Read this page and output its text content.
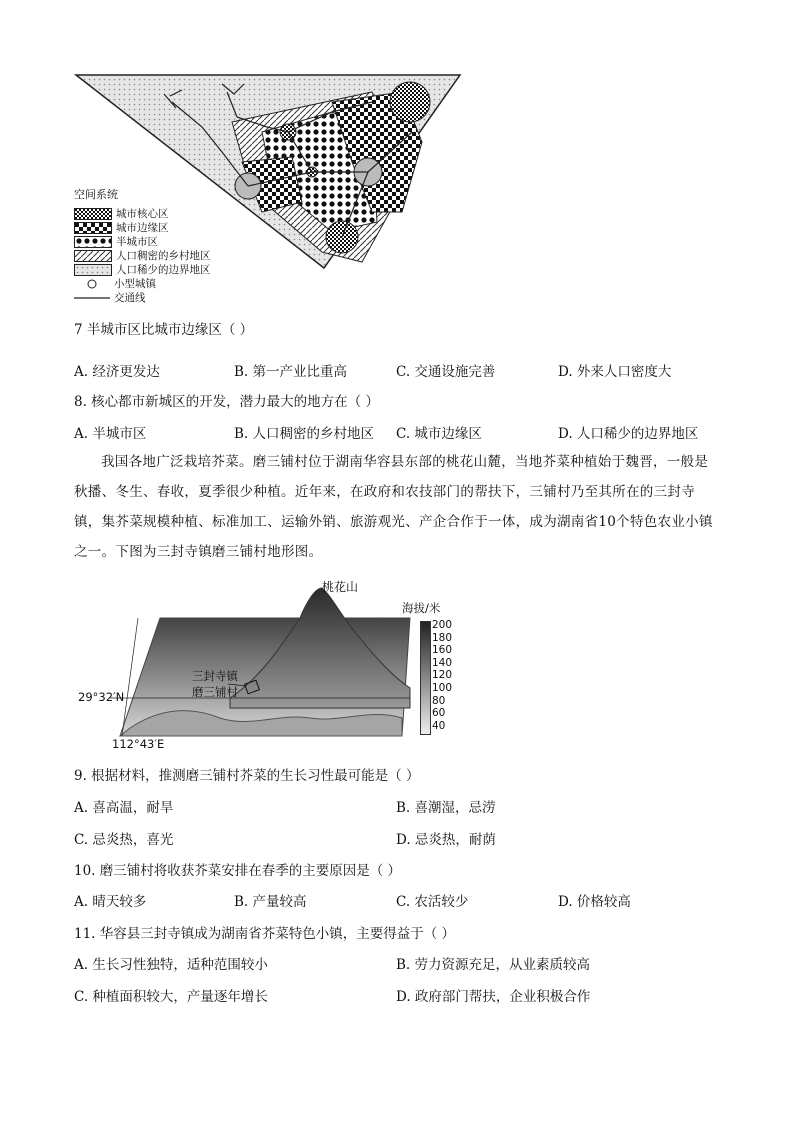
空间系统
城市核心区
城市边缘区
半城市区
人口稠密的乡村地区
人口稀少的边界地区
小型城镇
交通线
7 半城市区比城市边缘区（ ）
A. 经济更发达	B. 第一产业比重高	C. 交通设施完善	D. 外来人口密度大
8. 核心都市新城区的开发，潜力最大的地方在（ ）
A. 半城市区	B. 人口稠密的乡村地区 C. 城市边缘区	D. 人口稀少的边界地区
我国各地广泛栽培芥菜。磨三铺村位于湖南华容县东部的桃花山麓，当地芥菜种植始于魏晋，一般是秋播、冬生、春收，夏季很少种植。近年来，在政府和农技部门的帮扶下，三铺村乃至其所在的三封寺镇，集芥菜规模种植、标准加工、运输外销、旅游观光、产企合作于一体，成为湖南省10个特色农业小镇之一。下图为三封寺镇磨三铺村地形图。
桃花山
三封寺镇
磨三铺村
29°32′N
112°43′E
海拔/米
200
180
160
140
120
100
80
60
40
9. 根据材料，推测磨三铺村芥菜的生长习性最可能是（ ）
A. 喜高温，耐旱	B. 喜潮湿，忌涝
C. 忌炎热，喜光	D. 忌炎热，耐荫
10. 磨三铺村将收获芥菜安排在春季的主要原因是（ ）
A. 晴天较多	B. 产量较高	C. 农活较少	D. 价格较高
11. 华容县三封寺镇成为湖南省芥菜特色小镇，主要得益于（ ）
A. 生长习性独特，适种范围较小	B. 劳力资源充足，从业素质较高
C. 种植面积较大，产量逐年增长	D. 政府部门帮扶，企业积极合作
